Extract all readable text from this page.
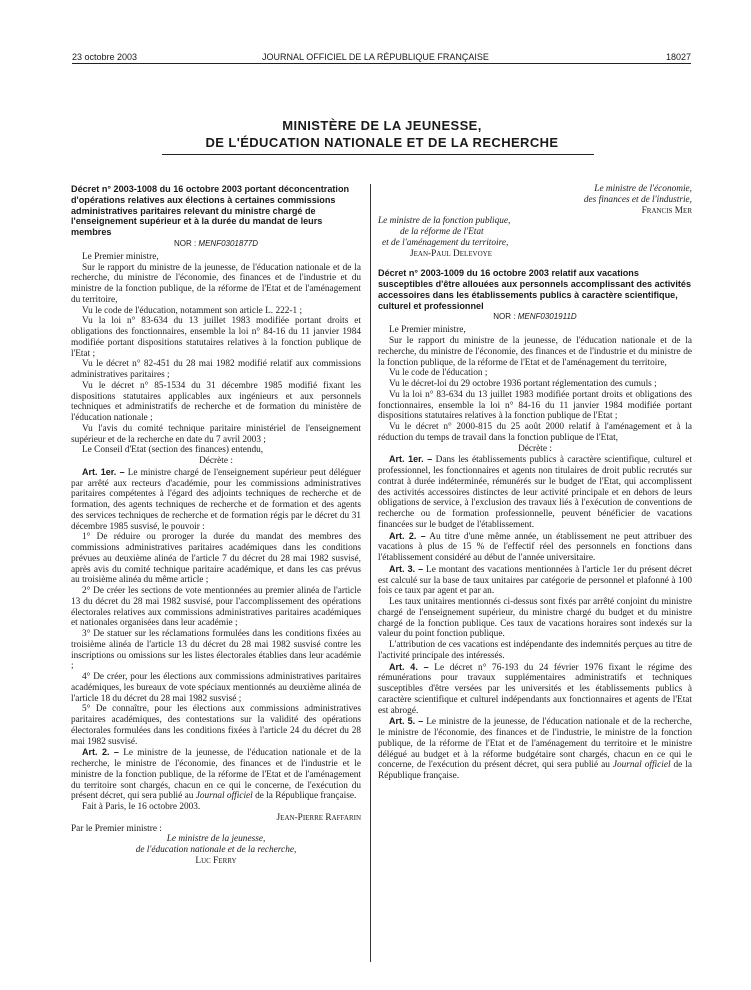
23 octobre 2003	JOURNAL OFFICIEL DE LA RÉPUBLIQUE FRANÇAISE	18027
MINISTÈRE DE LA JEUNESSE,
DE L'ÉDUCATION NATIONALE ET DE LA RECHERCHE
Décret n° 2003-1008 du 16 octobre 2003 portant déconcentration d'opérations relatives aux élections à certaines commissions administratives paritaires relevant du ministre chargé de l'enseignement supérieur et à la durée du mandat de leurs membres
NOR : MENF0301877D

Le Premier ministre,

Sur le rapport du ministre de la jeunesse, de l'éducation nationale et de la recherche, du ministre de l'économie, des finances et de l'industrie et du ministre de la fonction publique, de la réforme de l'Etat et de l'aménagement du territoire,

Vu le code de l'éducation, notamment son article L. 222-1 ;

Vu la loi n° 83-634 du 13 juillet 1983 modifiée portant droits et obligations des fonctionnaires, ensemble la loi n° 84-16 du 11 janvier 1984 modifiée portant dispositions statutaires relatives à la fonction publique de l'Etat ;

Vu le décret n° 82-451 du 28 mai 1982 modifié relatif aux commissions administratives paritaires ;

Vu le décret n° 85-1534 du 31 décembre 1985 modifié fixant les dispositions statutaires applicables aux ingénieurs et aux personnels techniques et administratifs de recherche et de formation du ministère de l'éducation nationale ;

Vu l'avis du comité technique paritaire ministériel de l'enseignement supérieur et de la recherche en date du 7 avril 2003 ;

Le Conseil d'Etat (section des finances) entendu,

Décrète :

Art. 1er. – Le ministre chargé de l'enseignement supérieur peut déléguer par arrêté aux recteurs d'académie, pour les commissions administratives paritaires compétentes à l'égard des adjoints techniques de recherche et de formation, des agents techniques de recherche et de formation et des agents des services techniques de recherche et de formation régis par le décret du 31 décembre 1985 susvisé, le pouvoir :

1° De réduire ou proroger la durée du mandat des membres des commissions administratives paritaires académiques dans les conditions prévues au deuxième alinéa de l'article 7 du décret du 28 mai 1982 susvisé, après avis du comité technique paritaire académique, et dans les cas prévus au troisième alinéa du même article ;

2° De créer les sections de vote mentionnées au premier alinéa de l'article 13 du décret du 28 mai 1982 susvisé, pour l'accomplissement des opérations électorales relatives aux commissions administratives paritaires académiques et nationales organisées dans leur académie ;

3° De statuer sur les réclamations formulées dans les conditions fixées au troisième alinéa de l'article 13 du décret du 28 mai 1982 susvisé contre les inscriptions ou omissions sur les listes électorales établies dans leur académie ;

4° De créer, pour les élections aux commissions administratives paritaires académiques, les bureaux de vote spéciaux mentionnés au deuxième alinéa de l'article 18 du décret du 28 mai 1982 susvisé ;

5° De connaître, pour les élections aux commissions administratives paritaires académiques, des contestations sur la validité des opérations électorales formulées dans les conditions fixées à l'article 24 du décret du 28 mai 1982 susvisé.

Art. 2. – Le ministre de la jeunesse, de l'éducation nationale et de la recherche, le ministre de l'économie, des finances et de l'industrie et le ministre de la fonction publique, de la réforme de l'Etat et de l'aménagement du territoire sont chargés, chacun en ce qui le concerne, de l'exécution du présent décret, qui sera publié au Journal officiel de la République française.

Fait à Paris, le 16 octobre 2003.

Jean-Pierre Raffarin

Par le Premier ministre :

Le ministre de la jeunesse,

de l'éducation nationale et de la recherche,

Luc Ferry

Le ministre de l'économie,

des finances et de l'industrie,

Francis Mer

Le ministre de la fonction publique,

de la réforme de l'Etat

et de l'aménagement du territoire,

Jean-Paul Delevoye

Décret n° 2003-1009 du 16 octobre 2003 relatif aux vacations susceptibles d'être allouées aux personnels accomplissant des activités accessoires dans les établissements publics à caractère scientifique, culturel et professionnel
NOR : MENF0301911D

Le Premier ministre,

Sur le rapport du ministre de la jeunesse, de l'éducation nationale et de la recherche, du ministre de l'économie, des finances et de l'industrie et du ministre de la fonction publique, de la réforme de l'Etat et de l'aménagement du territoire,

Vu le code de l'éducation ;

Vu le décret-loi du 29 octobre 1936 portant réglementation des cumuls ;

Vu la loi n° 83-634 du 13 juillet 1983 modifiée portant droits et obligations des fonctionnaires, ensemble la loi n° 84-16 du 11 janvier 1984 modifiée portant dispositions statutaires relatives à la fonction publique de l'Etat ;

Vu le décret n° 2000-815 du 25 août 2000 relatif à l'aménagement et à la réduction du temps de travail dans la fonction publique de l'Etat,

Décrète :

Art. 1er. – Dans les établissements publics à caractère scientifique, culturel et professionnel, les fonctionnaires et agents non titulaires de droit public recrutés sur contrat à durée indéterminée, rémunérés sur le budget de l'Etat, qui accomplissent des activités accessoires distinctes de leur activité principale et en dehors de leurs obligations de service, à l'exclusion des travaux liés à l'exécution de conventions de recherche ou de formation professionnelle, peuvent bénéficier de vacations financées sur le budget de l'établissement.

Art. 2. – Au titre d'une même année, un établissement ne peut attribuer des vacations à plus de 15 % de l'effectif réel des personnels en fonctions dans l'établissement considéré au début de l'année universitaire.

Art. 3. – Le montant des vacations mentionnées à l'article 1er du présent décret est calculé sur la base de taux unitaires par catégorie de personnel et plafonné à 100 fois ce taux par agent et par an.

Les taux unitaires mentionnés ci-dessus sont fixés par arrêté conjoint du ministre chargé de l'enseignement supérieur, du ministre chargé du budget et du ministre chargé de la fonction publique. Ces taux de vacations horaires sont indexés sur la valeur du point fonction publique.

L'attribution de ces vacations est indépendante des indemnités perçues au titre de l'activité principale des intéressés.

Art. 4. – Le décret n° 76-193 du 24 février 1976 fixant le régime des rémunérations pour travaux supplémentaires administratifs et techniques susceptibles d'être versées par les universités et les établissements publics à caractère scientifique et culturel indépendants aux fonctionnaires et agents de l'Etat est abrogé.

Art. 5. – Le ministre de la jeunesse, de l'éducation nationale et de la recherche, le ministre de l'économie, des finances et de l'industrie, le ministre de la fonction publique, de la réforme de l'Etat et de l'aménagement du territoire et le ministre délégué au budget et à la réforme budgétaire sont chargés, chacun en ce qui le concerne, de l'exécution du présent décret, qui sera publié au Journal officiel de la République française.
